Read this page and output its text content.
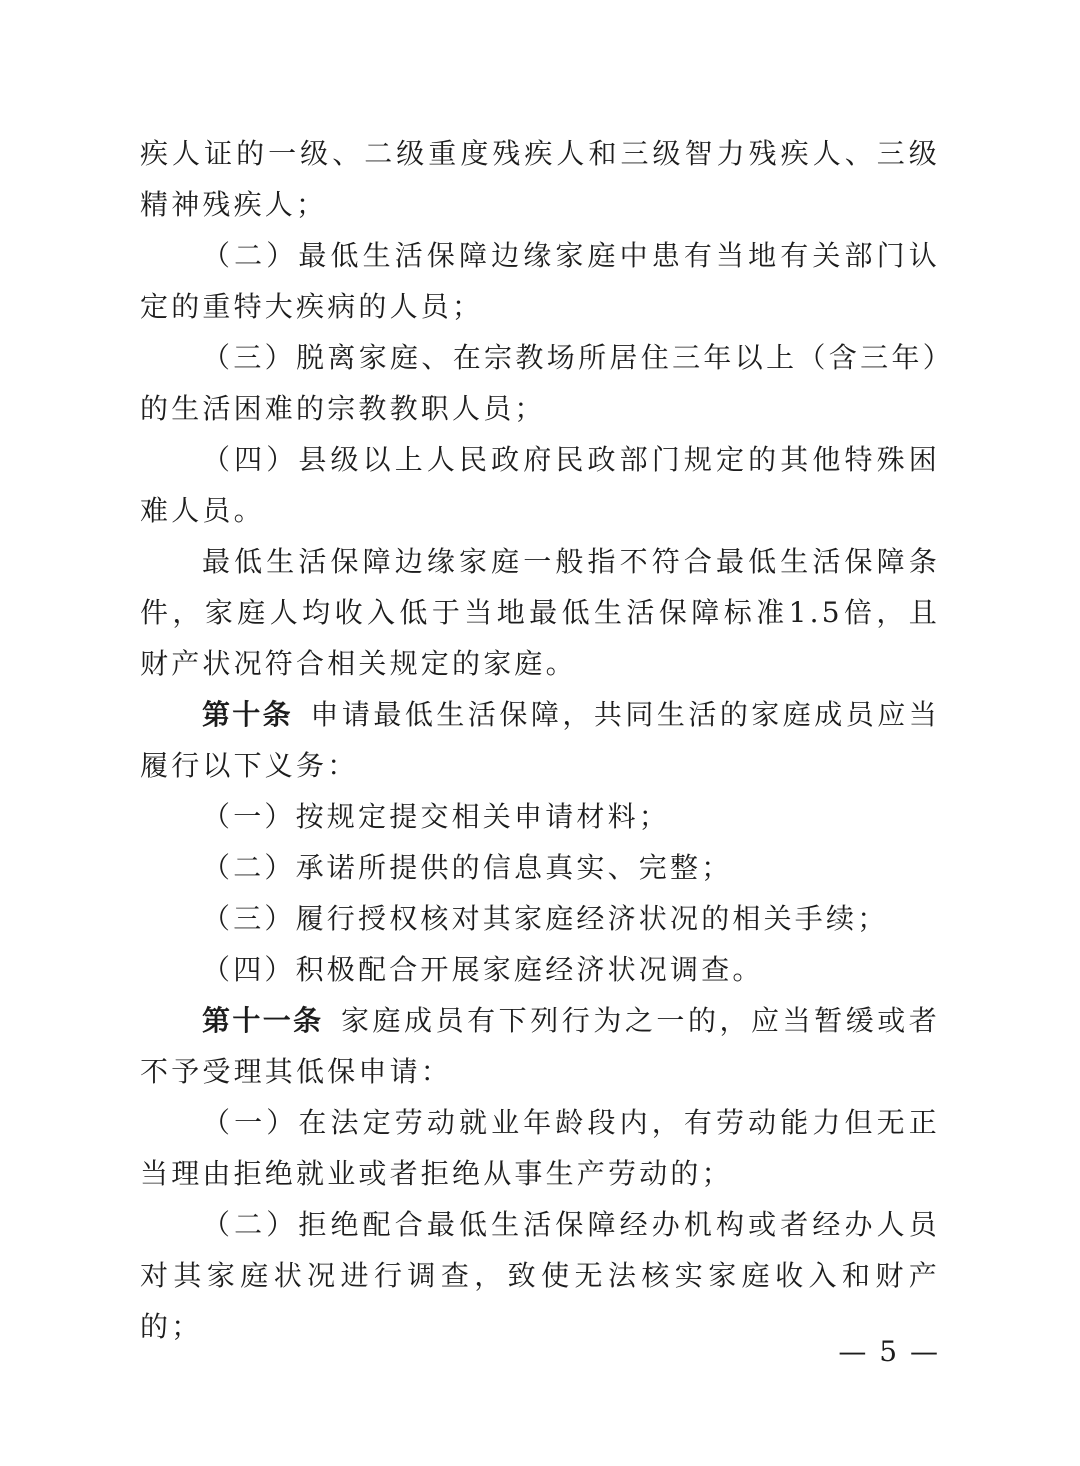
疾人证的一级、二级重度残疾人和三级智力残疾人、三级精神残疾人；

（二）最低生活保障边缘家庭中患有当地有关部门认定的重特大疾病的人员；

（三）脱离家庭、在宗教场所居住三年以上（含三年）的生活困难的宗教教职人员；

（四）县级以上人民政府民政部门规定的其他特殊困难人员。

最低生活保障边缘家庭一般指不符合最低生活保障条件，家庭人均收入低于当地最低生活保障标准1.5倍，且财产状况符合相关规定的家庭。

第十条  申请最低生活保障，共同生活的家庭成员应当履行以下义务：

（一）按规定提交相关申请材料；

（二）承诺所提供的信息真实、完整；

（三）履行授权核对其家庭经济状况的相关手续；

（四）积极配合开展家庭经济状况调查。

第十一条  家庭成员有下列行为之一的，应当暂缓或者不予受理其低保申请：

（一）在法定劳动就业年龄段内，有劳动能力但无正当理由拒绝就业或者拒绝从事生产劳动的；

（二）拒绝配合最低生活保障经办机构或者经办人员对其家庭状况进行调查，致使无法核实家庭收入和财产的；

— 5 —
